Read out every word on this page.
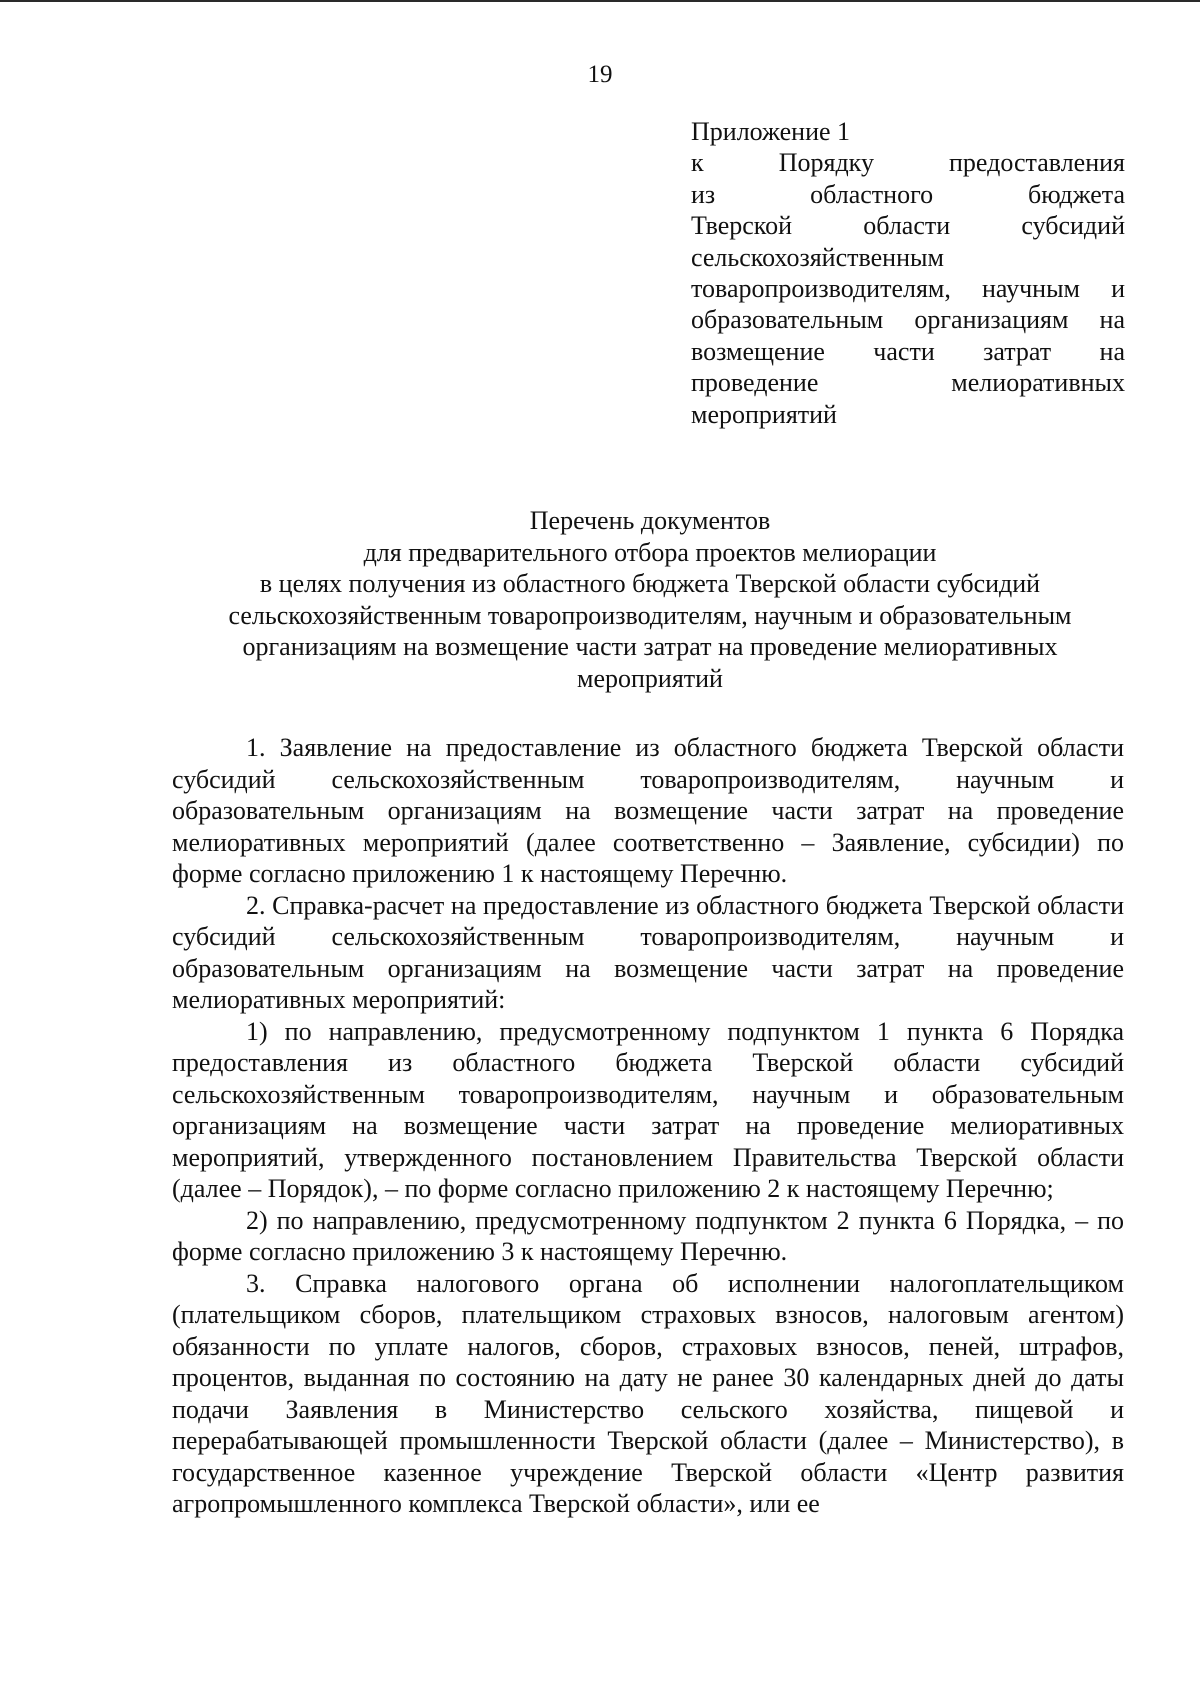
19
Приложение 1
к Порядку предоставления
из областного бюджета
Тверской области субсидий
сельскохозяйственным
товаропроизводителям, научным и
образовательным организациям на
возмещение части затрат на
проведение мелиоративных
мероприятий
Перечень документов
для предварительного отбора проектов мелиорации
в целях получения из областного бюджета Тверской области субсидий
сельскохозяйственным товаропроизводителям, научным и образовательным
организациям на возмещение части затрат на проведение мелиоративных
мероприятий

1. Заявление на предоставление из областного бюджета Тверской области субсидий сельскохозяйственным товаропроизводителям, научным и образовательным организациям на возмещение части затрат на проведение мелиоративных мероприятий (далее соответственно – Заявление, субсидии) по форме согласно приложению 1 к настоящему Перечню.

2. Справка-расчет на предоставление из областного бюджета Тверской области субсидий сельскохозяйственным товаропроизводителям, научным и образовательным организациям на возмещение части затрат на проведение мелиоративных мероприятий:

1) по направлению, предусмотренному подпунктом 1 пункта 6 Порядка предоставления из областного бюджета Тверской области субсидий сельскохозяйственным товаропроизводителям, научным и образовательным организациям на возмещение части затрат на проведение мелиоративных мероприятий, утвержденного постановлением Правительства Тверской области (далее – Порядок), – по форме согласно приложению 2 к настоящему Перечню;

2) по направлению, предусмотренному подпунктом 2 пункта 6 Порядка, – по форме согласно приложению 3 к настоящему Перечню.

3. Справка налогового органа об исполнении налогоплательщиком (плательщиком сборов, плательщиком страховых взносов, налоговым агентом) обязанности по уплате налогов, сборов, страховых взносов, пеней, штрафов, процентов, выданная по состоянию на дату не ранее 30 календарных дней до даты подачи Заявления в Министерство сельского хозяйства, пищевой и перерабатывающей промышленности Тверской области (далее – Министерство), в государственное казенное учреждение Тверской области «Центр развития агропромышленного комплекса Тверской области», или ее
